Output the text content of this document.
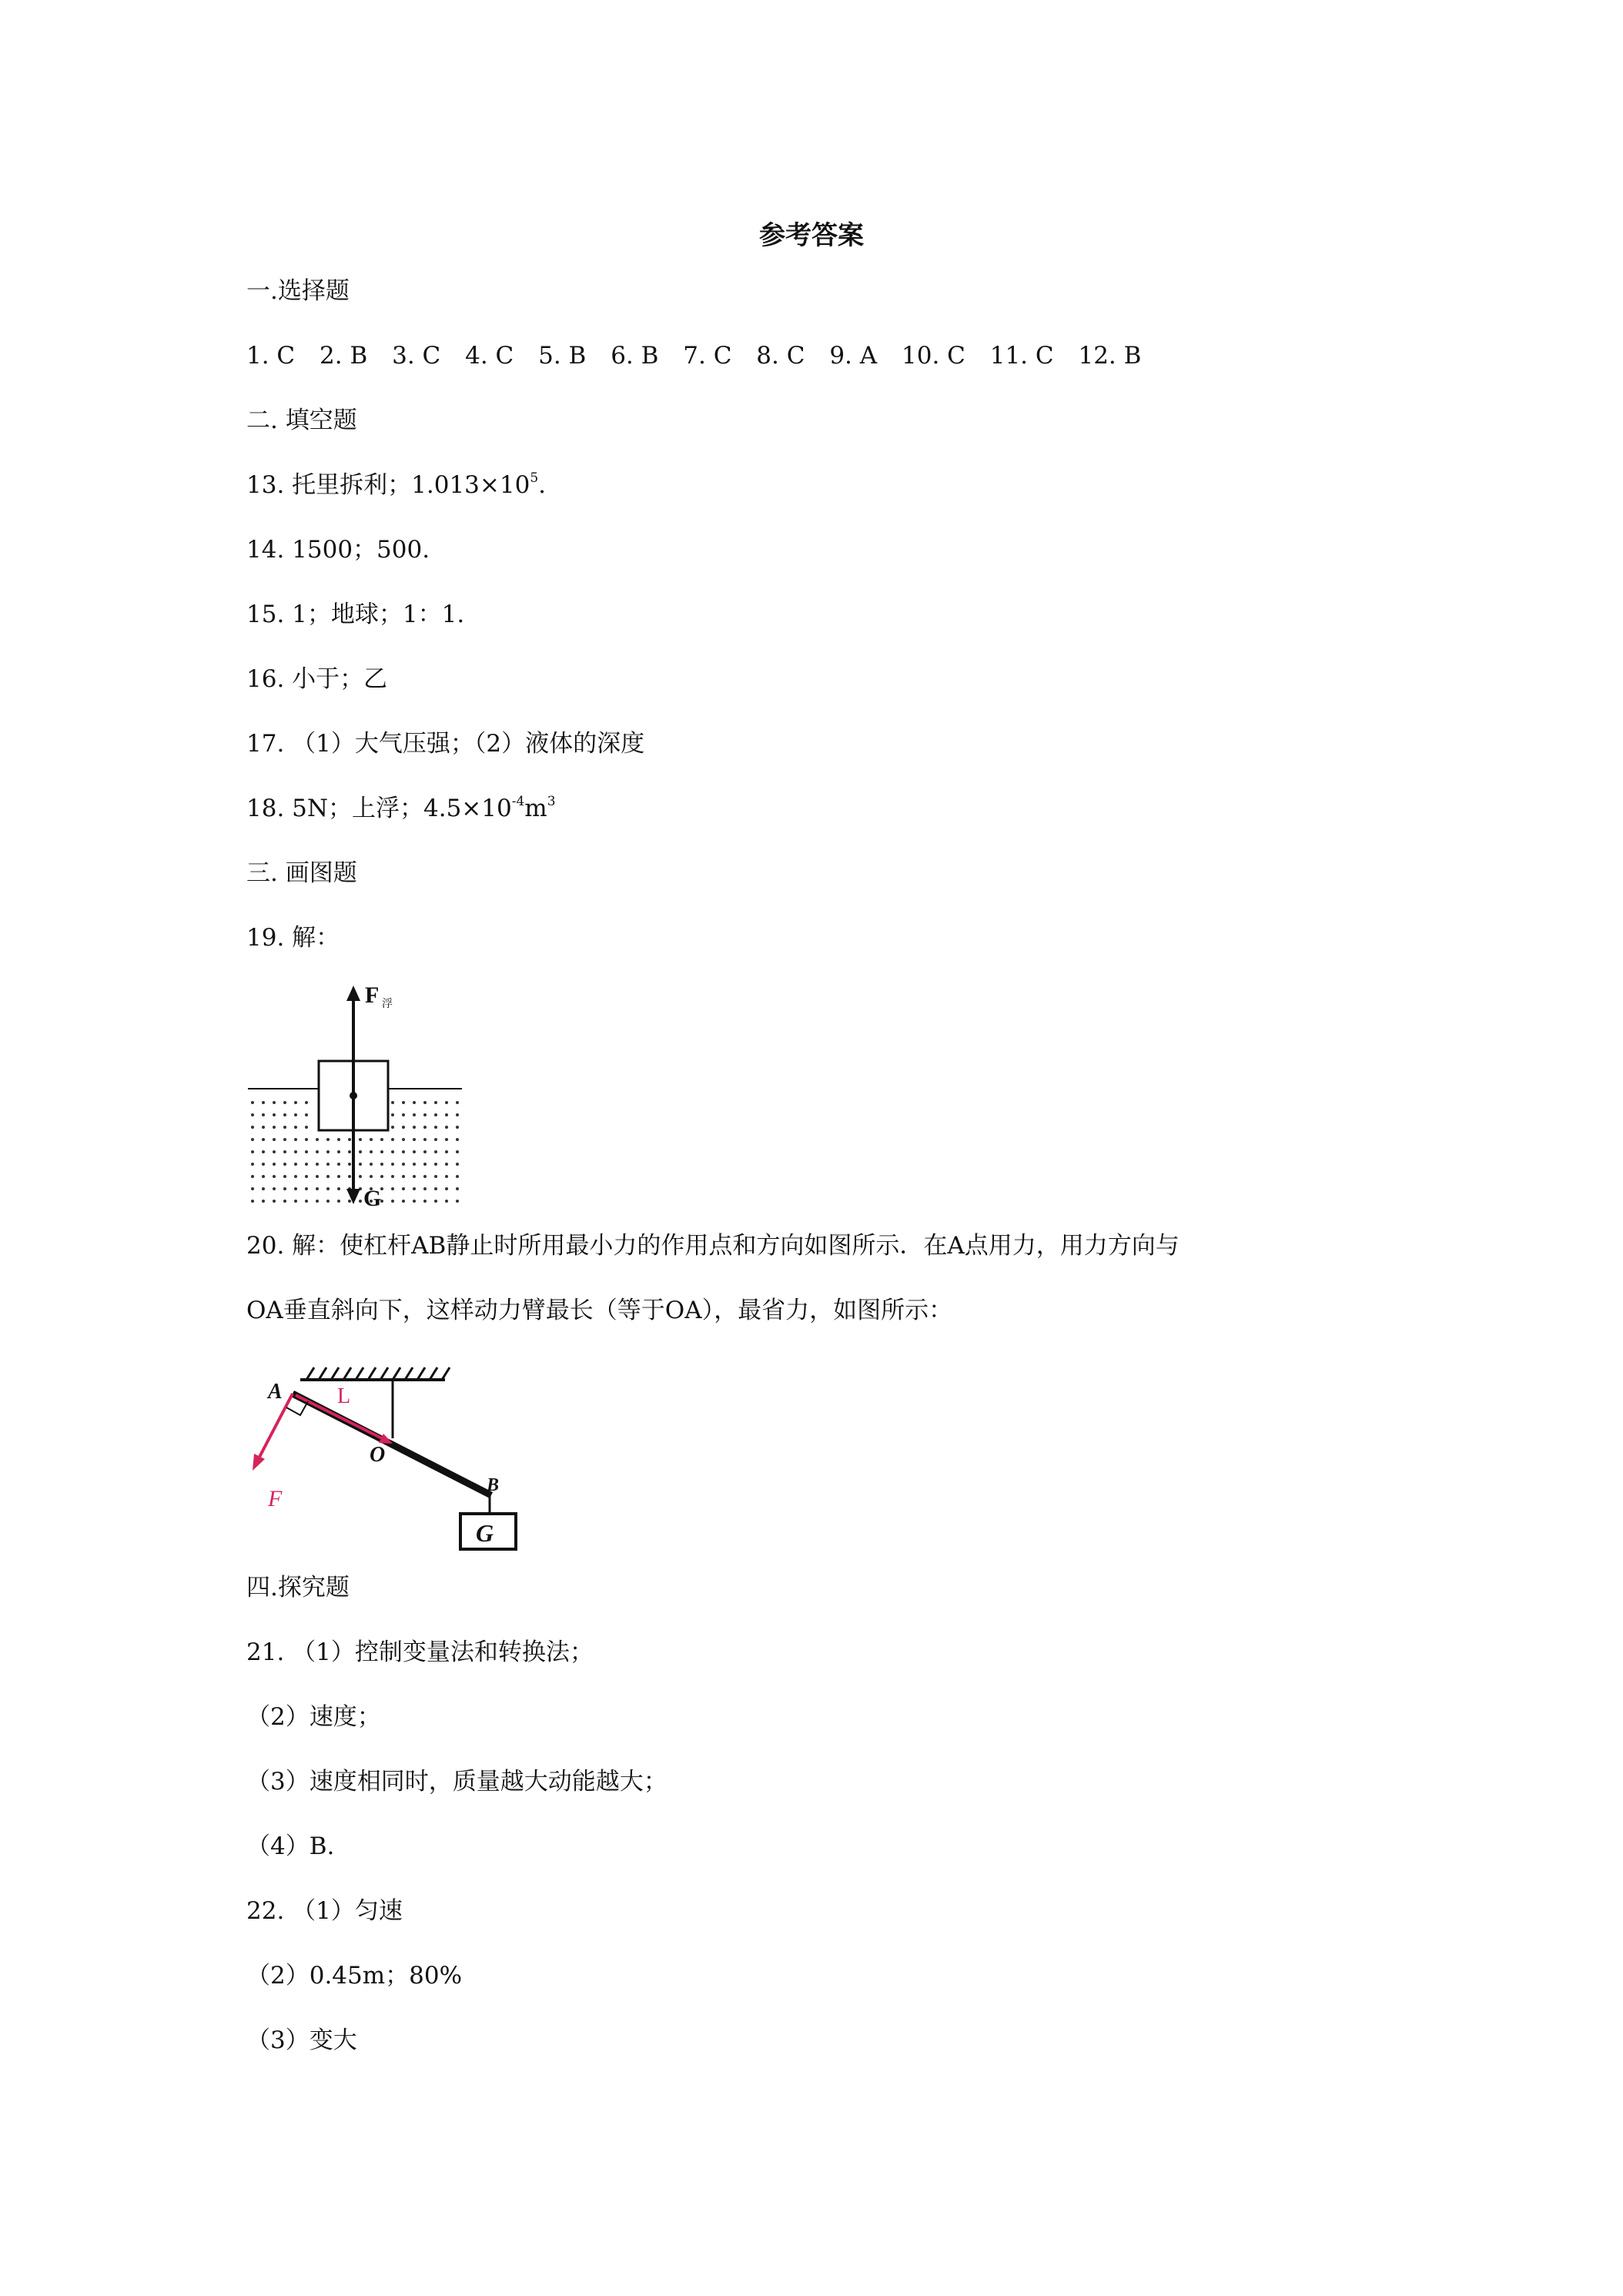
参考答案
一.选择题
1. C 2. B 3. C 4. C 5. B 6. B 7. C 8. C 9. A 10. C 11. C 12. B
二. 填空题
13. 托里拆利；$1.013\times 10^5$.
14. 1500；500.
15. 1；地球；1：1.
16. 小于；乙
17. （1）大气压强；（2）液体的深度
18. 5N；上浮；$4.5\times 10^{-4}m^3$
三. 画图题
19. 解：
F 浮
G
20. 解：使杠杆AB静止时所用最小力的作用点和方向如图所示．在A点用力，用力方向与
OA垂直斜向下，这样动力臂最长（等于OA），最省力，如图所示：
G
A	L
O
B
F
四.探究题
21. （1）控制变量法和转换法；
（2）速度；
（3）速度相同时，质量越大动能越大；
（4）B.
22. （1）匀速
（2）0.45m；80%
（3）变大
